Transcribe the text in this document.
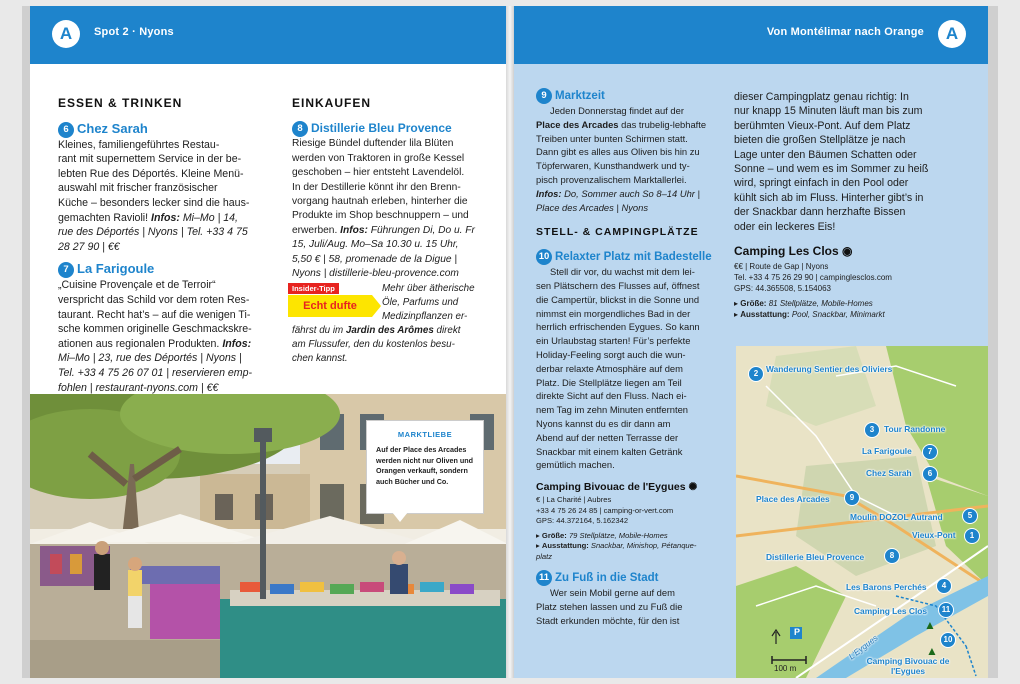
A	Spot 2 · Nyons
ESSEN & TRINKEN
6 Chez Sarah
Kleines, familiengeführtes Restau-
rant mit supernettem Service in der be-
lebten Rue des Déportés. Kleine Menü-
auswahl mit frischer französischer
Küche – besonders lecker sind die haus-
gemachten Ravioli! Infos: Mi–Mo | 14,
rue des Déportés | Nyons | Tel. +33 4 75
28 27 90 | €€
7 La Farigoule
„Cuisine Provençale et de Terroir“
verspricht das Schild vor dem roten Res-
taurant. Recht hat’s – auf die wenigen Ti-
sche kommen originelle Geschmackskre-
ationen aus regionalen Produkten. Infos:
Mi–Mo | 23, rue des Déportés | Nyons |
Tel. +33 4 75 26 07 01 | reservieren emp-
fohlen | restaurant-nyons.com | €€
EINKAUFEN
8 Distillerie Bleu Provence
Riesige Bündel duftender lila Blüten
werden von Traktoren in große Kessel
geschoben – hier entsteht Lavendelöl.
In der Destillerie könnt ihr den Brenn-
vorgang hautnah erleben, hinterher die
Produkte im Shop beschnuppern – und
erwerben. Infos: Führungen Di, Do u. Fr
15, Juli/Aug. Mo–Sa 10.30 u. 15 Uhr,
5,50 € | 58, promenade de la Digue |
Nyons | distillerie-bleu-provence.com
Insider-Tipp
Echt dufte
Mehr über ätherische
Öle, Parfums und
Medizinpflanzen er-
fährst du im Jardin des Arômes direkt
am Flussufer, den du kostenlos besu-
chen kannst.
MARKTLIEBE
Auf der Place des Arcades werden nicht nur Oliven und Orangen verkauft, sondern auch Bücher und Co.
Von Montélimar nach Orange	A
9 Marktzeit
Jeden Donnerstag findet auf der
Place des Arcades das trubelig-lebhafte
Treiben unter bunten Schirmen statt.
Dann gibt es alles aus Oliven bis hin zu
Töpferwaren, Kunsthandwerk und ty-
pisch provenzalischem Marktallerlei.
Infos: Do, Sommer auch So 8–14 Uhr |
Place des Arcades | Nyons
STELL- & CAMPINGPLÄTZE
10 Relaxter Platz mit Badestelle
Stell dir vor, du wachst mit dem lei-
sen Plätschern des Flusses auf, öffnest
die Campertür, blickst in die Sonne und
nimmst ein morgendliches Bad in der
herrlich erfrischenden Eygues. So kann
ein Urlaubstag starten! Für’s perfekte
Holiday-Feeling sorgt auch die wun-
derbar relaxte Atmosphäre auf dem
Platz. Die Stellplätze liegen am Teil
direkte Sicht auf den Fluss. Nach ei-
nem Tag im zehn Minuten entfernten
Nyons kannst du es dir dann am
Abend auf der netten Terrasse der
Snackbar mit einem kalten Getränk
gemütlich machen.
Camping Bivouac de l'Eygues ✺
€ | La Charité | Aubres
+33 4 75 26 24 85 | camping-or-vert.com
GPS: 44.372164, 5.162342
▸ Größe: 79 Stellplätze, Mobile-Homes
▸ Ausstattung: Snackbar, Minishop, Pétanque-
platz
11 Zu Fuß in die Stadt
Wer sein Mobil gerne auf dem
Platz stehen lassen und zu Fuß die
Stadt erkunden möchte, für den ist
dieser Campingplatz genau richtig: In
nur knapp 15 Minuten läuft man bis zum
berühmten Vieux-Pont. Auf dem Platz
bieten die großen Stellplätze je nach
Lage unter den Bäumen Schatten oder
Sonne – und wem es im Sommer zu heiß
wird, springt einfach in den Pool oder
kühlt sich ab im Fluss. Hinterher gibt’s in
der Snackbar dann herzhafte Bissen
oder ein leckeres Eis!
Camping Les Clos ◉
€€ | Route de Gap | Nyons
Tel. +33 4 75 26 29 90 | campinglesclos.com
GPS: 44.365508, 5.154063
▸ Größe: 81 Stellplätze, Mobile-Homes
▸ Ausstattung: Pool, Snackbar, Minimarkt
2 Wanderung Sentier des Oliviers
3	Tour Randonne
La Farigoule	7
Chez Sarah	6
Place des Arcades	9
Moulin DOZOL Autrand	5
Vieux-Pont	1
Distillerie Bleu Provence	8
Les Barons Perchés	4
Camping Les Clos	11
10
Camping Bivouac de l'Eygues
L'Eygues
▲
▲
P
100 m
